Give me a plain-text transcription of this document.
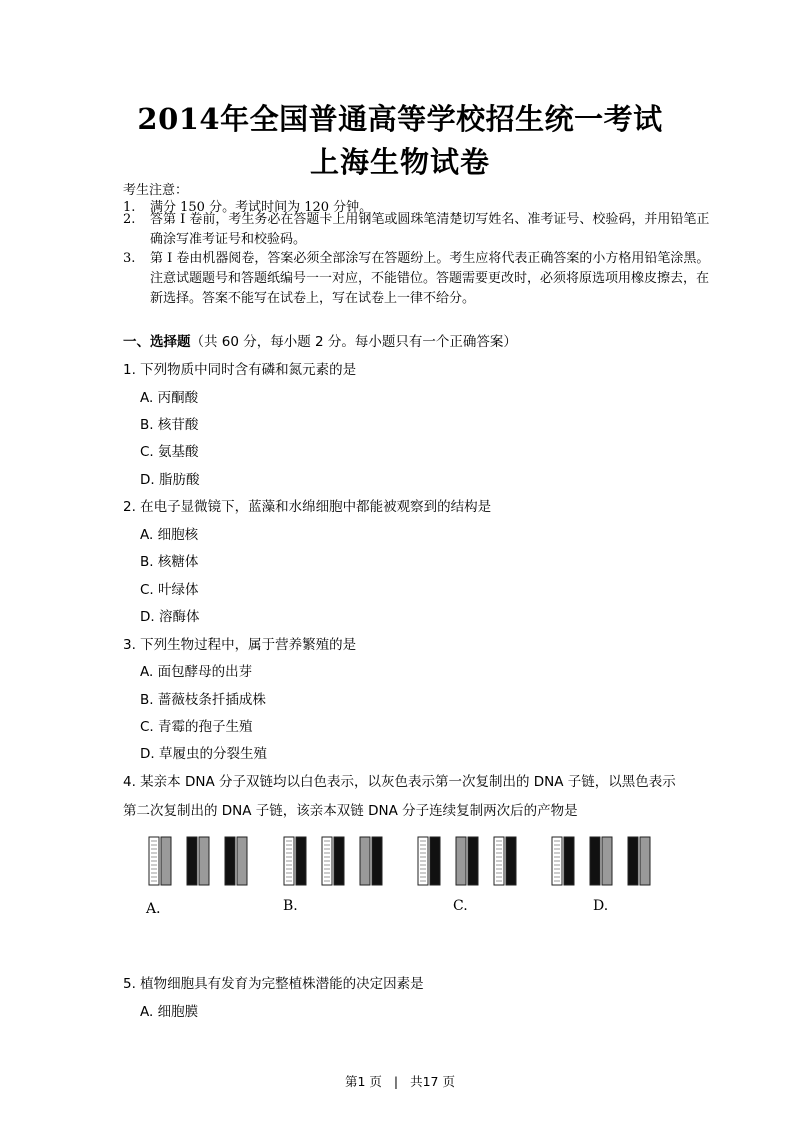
2014年全国普通高等学校招生统一考试
上海生物试卷
考生注意：
1.	满分 150 分。考试时间为 120 分钟。
2.	答第 I 卷前，考生务必在答题卡上用钢笔或圆珠笔清楚切写姓名、准考证号、校验码，并用铅笔正确涂写准考证号和校验码。
3.	第 I 卷由机器阅卷，答案必须全部涂写在答题纷上。考生应将代表正确答案的小方格用铅笔涂黑。注意试题题号和答题纸编号一一对应，不能错位。答题需要更改时，必须将原选项用橡皮擦去，在新选择。答案不能写在试卷上，写在试卷上一律不给分。
一、选择题（共 60 分，每小题 2 分。每小题只有一个正确答案）
1. 下列物质中同时含有磷和氮元素的是
A. 丙酮酸
B. 核苷酸
C. 氨基酸
D. 脂肪酸
2. 在电子显微镜下，蓝藻和水绵细胞中都能被观察到的结构是
A. 细胞核
B. 核糖体
C. 叶绿体
D. 溶酶体
3. 下列生物过程中，属于营养繁殖的是
A. 面包酵母的出芽
B. 蔷薇枝条扦插成株
C. 青霉的孢子生殖
D. 草履虫的分裂生殖
4. 某亲本 DNA 分子双链均以白色表示，以灰色表示第一次复制出的 DNA 子链，以黑色表示
第二次复制出的 DNA 子链，该亲本双链 DNA 分子连续复制两次后的产物是
A．	B.	C.	D.
5. 植物细胞具有发育为完整植株潜能的决定因素是
A. 细胞膜
第1 页 | 共17 页
